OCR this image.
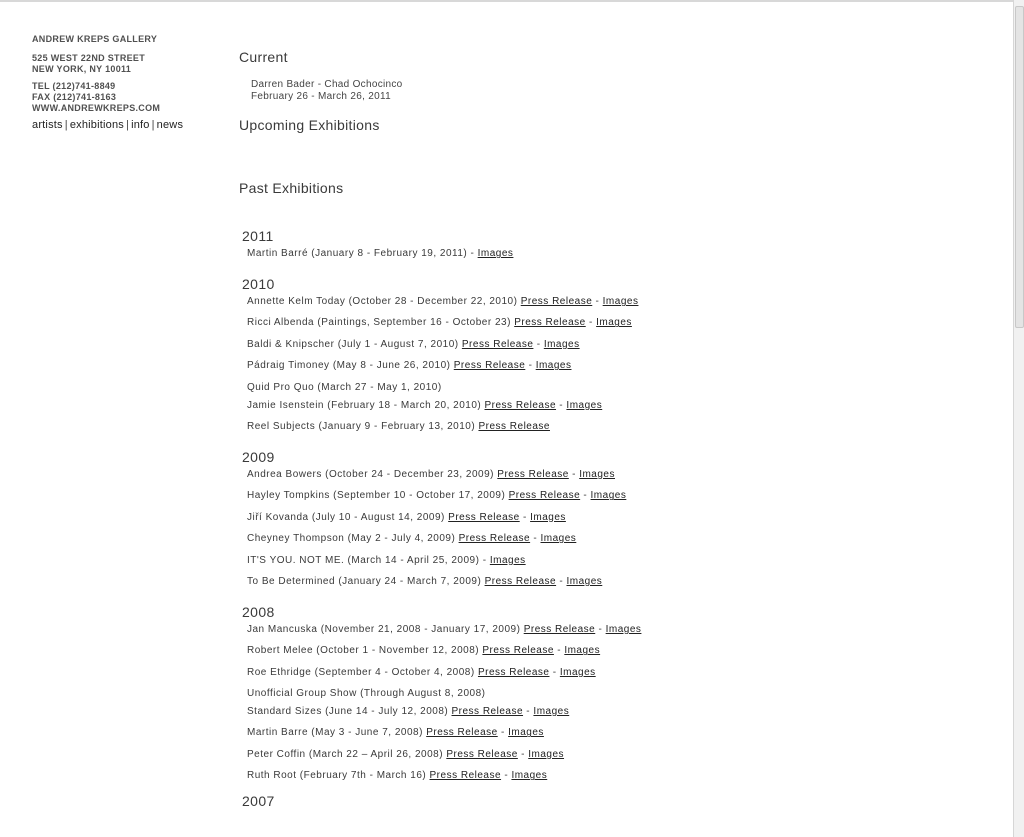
ANDREW KREPS GALLERY
525 WEST 22ND STREET
NEW YORK, NY 10011
TEL (212)741-8849
FAX (212)741-8163
WWW.ANDREWKREPS.COM
artists | exhibitions | info | news
Current
Darren Bader - Chad Ochocinco
February 26 - March 26, 2011
Upcoming Exhibitions
Past Exhibitions
2011
Martin Barré (January 8 - February 19, 2011) - Images
2010
Annette Kelm Today (October 28 - December 22, 2010) Press Release - Images
Ricci Albenda (Paintings, September 16 - October 23) Press Release - Images
Baldi & Knipscher (July 1 - August 7, 2010) Press Release - Images
Pádraig Timoney (May 8 - June 26, 2010) Press Release - Images
Quid Pro Quo (March 27 - May 1, 2010)
Jamie Isenstein (February 18 - March 20, 2010) Press Release - Images
Reel Subjects (January 9 - February 13, 2010) Press Release
2009
Andrea Bowers (October 24 - December 23, 2009) Press Release - Images
Hayley Tompkins (September 10 - October 17, 2009) Press Release - Images
Jiří Kovanda (July 10 - August 14, 2009) Press Release - Images
Cheyney Thompson (May 2 - July 4, 2009) Press Release - Images
IT'S YOU. NOT ME. (March 14 - April 25, 2009) - Images
To Be Determined (January 24 - March 7, 2009) Press Release - Images
2008
Jan Mancuska (November 21, 2008 - January 17, 2009) Press Release - Images
Robert Melee (October 1 - November 12, 2008) Press Release - Images
Roe Ethridge (September 4 - October 4, 2008) Press Release - Images
Unofficial Group Show (Through August 8, 2008)
Standard Sizes (June 14 - July 12, 2008) Press Release - Images
Martin Barre (May 3 - June 7, 2008) Press Release - Images
Peter Coffin (March 22 – April 26, 2008) Press Release - Images
Ruth Root (February 7th - March 16) Press Release - Images
2007
